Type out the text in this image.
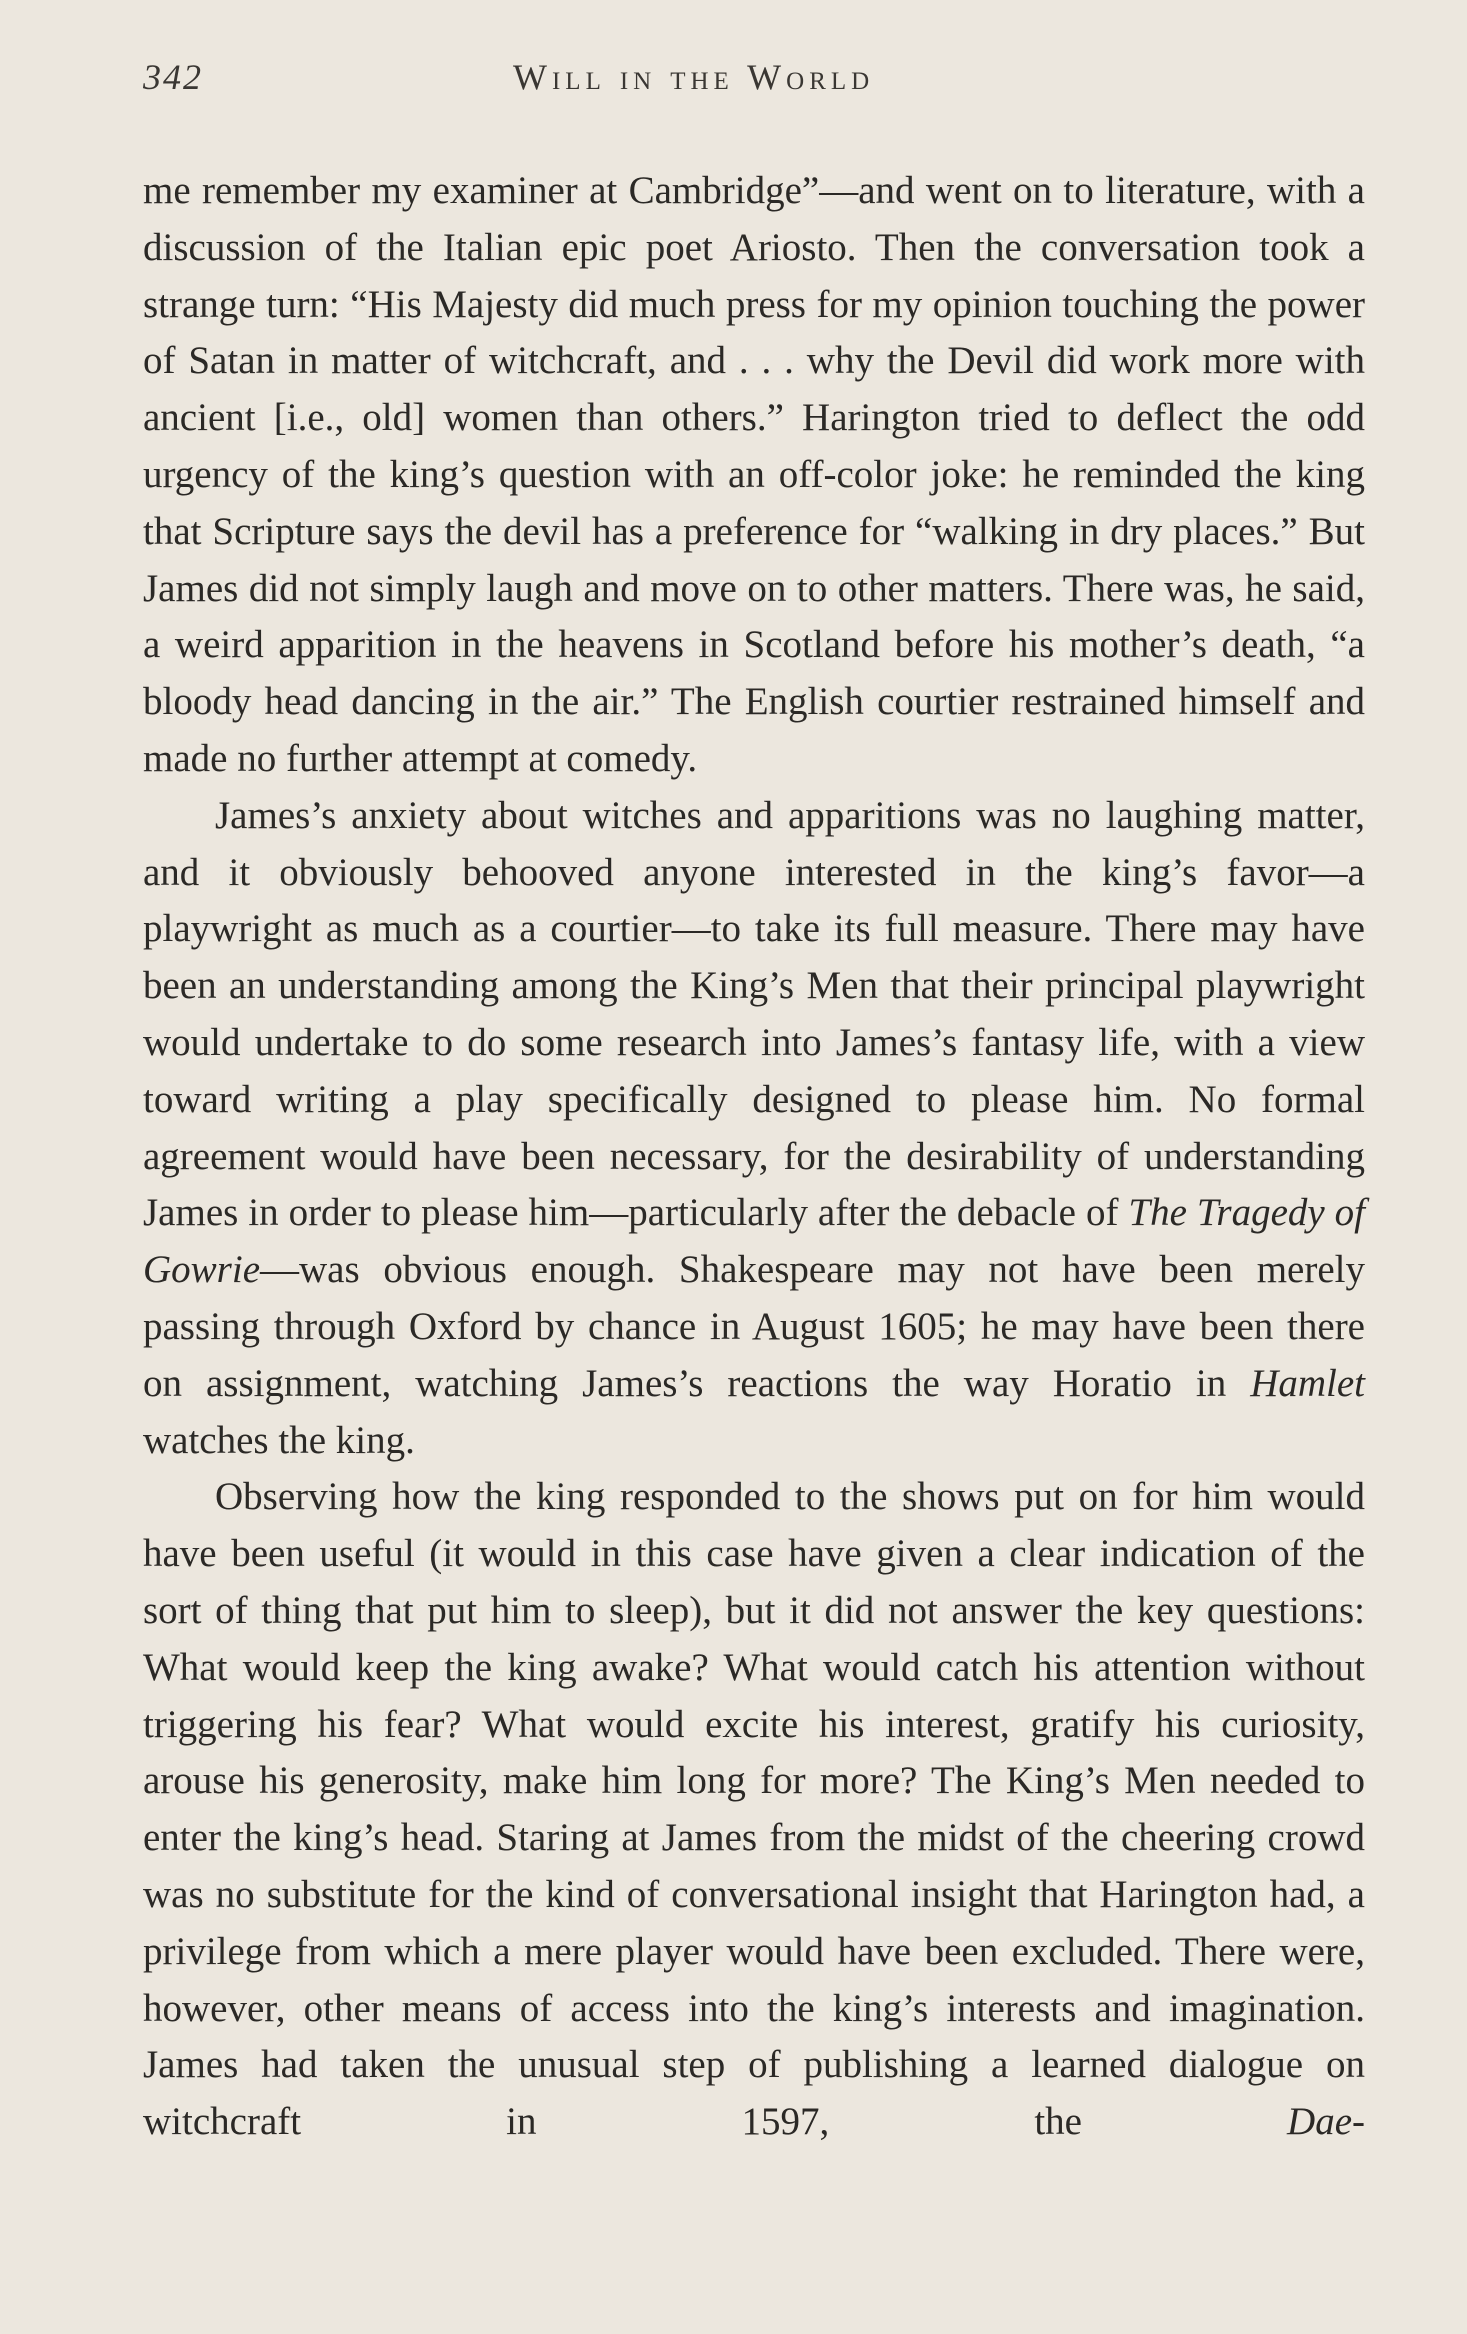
342	Will in the World

me remember my examiner at Cambridge”—and went on to literature, with a discussion of the Italian epic poet Ariosto. Then the conversation took a strange turn: “His Majesty did much press for my opinion touching the power of Satan in matter of witchcraft, and . . . why the Devil did work more with ancient [i.e., old] women than others.” Harington tried to deflect the odd urgency of the king’s question with an off-color joke: he reminded the king that Scripture says the devil has a preference for “walking in dry places.” But James did not simply laugh and move on to other matters. There was, he said, a weird apparition in the heavens in Scotland before his mother’s death, “a bloody head dancing in the air.” The English courtier restrained himself and made no further attempt at comedy.

James’s anxiety about witches and apparitions was no laughing matter, and it obviously behooved anyone interested in the king’s favor—a playwright as much as a courtier—to take its full measure. There may have been an understanding among the King’s Men that their principal playwright would undertake to do some research into James’s fantasy life, with a view toward writing a play specifically designed to please him. No formal agreement would have been necessary, for the desirability of understanding James in order to please him—particularly after the debacle of The Tragedy of Gowrie—was obvious enough. Shakespeare may not have been merely passing through Oxford by chance in August 1605; he may have been there on assignment, watching James’s reactions the way Horatio in Hamlet watches the king.

Observing how the king responded to the shows put on for him would have been useful (it would in this case have given a clear indication of the sort of thing that put him to sleep), but it did not answer the key questions: What would keep the king awake? What would catch his attention without triggering his fear? What would excite his interest, gratify his curiosity, arouse his generosity, make him long for more? The King’s Men needed to enter the king’s head. Staring at James from the midst of the cheering crowd was no substitute for the kind of conversational insight that Harington had, a privilege from which a mere player would have been excluded. There were, however, other means of access into the king’s interests and imagination. James had taken the unusual step of publishing a learned dialogue on witchcraft in 1597, the Dae-
